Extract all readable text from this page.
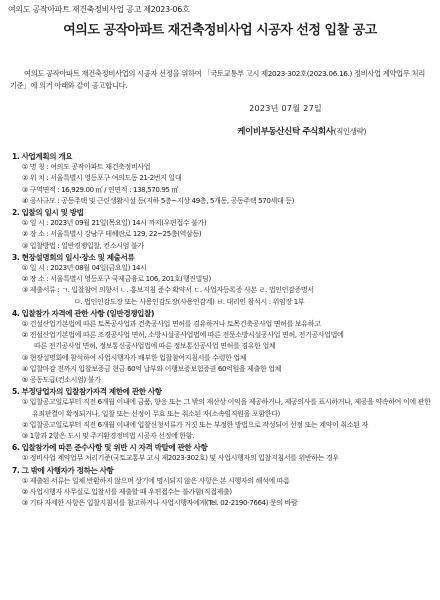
여의도 공작아파트 재건축정비사업 공고 제2023-06호
여의도 공작아파트 재건축정비사업 시공자 선정 입찰 공고

여의도 공작아파트 재건축정비사업의 시공자 선정을 위하여 「국토교통부 고시 제2023-302호(2023.06.16.) 정비사업 계약업무 처리기준」에 의거 아래와 같이 공고합니다.

2023년 07월 27일
케이비부동산신탁 주식회사(직인생략)
1. 사업계획의 개요
① 명 칭 : 여의도 공작아파트 재건축정비사업
② 위 치 : 서울특별시 영등포구 여의도동 21-2번지 일대
③ 구역면적 : 16,929.00 ㎡ / 연면적 : 138,570.95 ㎡
④ 공사규모 : 공동주택 및 근린생활시설 등(지하 5층~지상 49층, 5개동, 공동주택 570세대 등)
2. 입찰의 일시 및 방법
① 일 시 : 2023년 09월 21일(목요일) 14시 까지(우편접수 불가)
② 장 소 : 서울특별시 강남구 테헤란로 129, 22~25층(역삼동)
③ 입찰방법 : 일반경쟁입찰, 컨소시엄 불가
3. 현장설명회의 일시·장소 및 제출서류
① 일 시 : 2023년 08월 04일(금요일) 14시
② 장 소 : 서울특별시 영등포구 국제금융로 106, 201호(행진빌딩)
③ 제출서류 : ㄱ. 입찰참여 의향서 ㄴ. 홍보지침 준수 확약서 ㄷ. 사업자등록증 사본 ㄹ. 법인인감증명서
ㅁ. 법인인감도장 또는 사용인감도장(사용인감계) ㅂ. 대리인 참석시 : 위임장 1부
4. 입찰참가 자격에 관한 사항 (일반경쟁입찰)
① 건설산업기본법에 따른 토목공사업과 건축공사업 면허를 겸유하거나 토목건축공사업 면허를 보유하고
② 전설산업기본법에 따른 조경공사업 면허, 소방시설공사업법에 따른 전문소방시설공사업 면허, 전기공사업법에
따른 전기공사업 면허, 정보통신공사업법에 따른 정보통신공사업 면허를 겸유한 업체
③ 현장설명회에 참석하여 사업시행자가 배부한 입찰참여지침서를 수령한 업체
④ 입찰마감 전까지 입찰보증금 현금 60억 납부와 이행보증보험증권 60억원을 제출한 업체
⑤ 공동도급(컨소시엄) 불가
5. 부정당업자의 입찰참가자격 제한에 관한 사항
① 입찰공고일로부터 직전 6개월 이내에 금품, 향응 또는 그 밖의 재산상 이익을 제공하거나, 제공의사를 표시하거나, 제공을 약속하여 이에 관한 유죄판결이 확정되거나, 입찰 또는 선정이 무효 또는 취소된 자(소속임직원을 포함한다)
② 입찰공고일로부터 직전 6개월 이내에 입찰신청서류가 거짓 또는 부정한 방법으로 작성되어 선정 또는 계약이 취소된 자
③ 1항과 2항은 도시 및 주거환경정비법 시공자 선정에 한함.
6. 입찰참가에 따른 준수사항 및 위반 시 자격 박탈에 관한 사항
① 정비사업 계약업무 처리기준(국토교통부 고시 제2023-302호) 및 사업시행자의 입찰지침서를 위반하는 경우
7. 그 밖에 사행자가 정하는 사항
① 제출된 서류는 일체 반환하지 않으며 상기에 명시되지 않은 사항은 본 시행자의 해석에 따름
② 사업시행자 사무실로 입찰서를 제출할 때 우편접수는 불가함(직접제출)
③ 기타 자세한 사항은 입찰지침서를 참고하거나 사업시행자에게(Tel. 02-2190-7664) 문의 바람
